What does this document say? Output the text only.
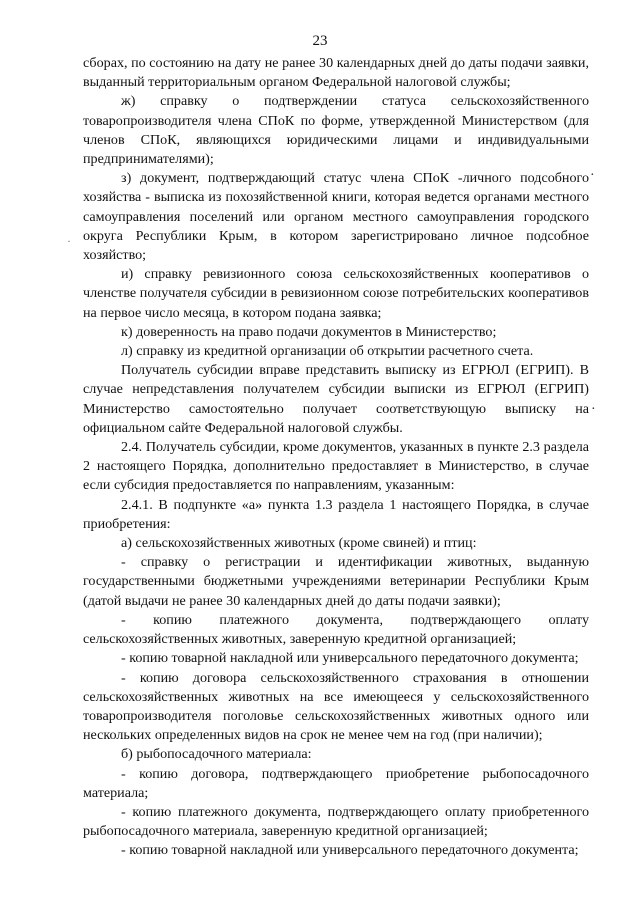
23

сборах, по состоянию на дату не ранее 30 календарных дней до даты подачи заявки, выданный территориальным органом Федеральной налоговой службы;

ж) справку о подтверждении статуса сельскохозяйственного товаропроизводителя члена СПоК по форме, утвержденной Министерством (для членов СПоК, являющихся юридическими лицами и индивидуальными предпринимателями);

з) документ, подтверждающий статус члена СПоК -личного подсобного хозяйства - выписка из похозяйственной книги, которая ведется органами местного самоуправления поселений или органом местного самоуправления городского округа Республики Крым, в котором зарегистрировано личное подсобное хозяйство;

и) справку ревизионного союза сельскохозяйственных кооперативов о членстве получателя субсидии в ревизионном союзе потребительских кооперативов на первое число месяца, в котором подана заявка;

к) доверенность на право подачи документов в Министерство;

л) справку из кредитной организации об открытии расчетного счета.

Получатель субсидии вправе представить выписку из ЕГРЮЛ (ЕГРИП). В случае непредставления получателем субсидии выписки из ЕГРЮЛ (ЕГРИП) Министерство самостоятельно получает соответствующую выписку на официальном сайте Федеральной налоговой службы.

2.4. Получатель субсидии, кроме документов, указанных в пункте 2.3 раздела 2 настоящего Порядка, дополнительно предоставляет в Министерство, в случае если субсидия предоставляется по направлениям, указанным:

2.4.1. В подпункте «а» пункта 1.3 раздела 1 настоящего Порядка, в случае приобретения:

а) сельскохозяйственных животных (кроме свиней) и птиц:

- справку о регистрации и идентификации животных, выданную государственными бюджетными учреждениями ветеринарии Республики Крым (датой выдачи не ранее 30 календарных дней до даты подачи заявки);

- копию платежного документа, подтверждающего оплату сельскохозяйственных животных, заверенную кредитной организацией;

- копию товарной накладной или универсального передаточного документа;

- копию договора сельскохозяйственного страхования в отношении сельскохозяйственных животных на все имеющееся у сельскохозяйственного товаропроизводителя поголовье сельскохозяйственных животных одного или нескольких определенных видов на срок не менее чем на год (при наличии);

б) рыбопосадочного материала:

- копию договора, подтверждающего приобретение рыбопосадочного материала;

- копию платежного документа, подтверждающего оплату приобретенного рыбопосадочного материала, заверенную кредитной организацией;

- копию товарной накладной или универсального передаточного документа;

·
·
·
